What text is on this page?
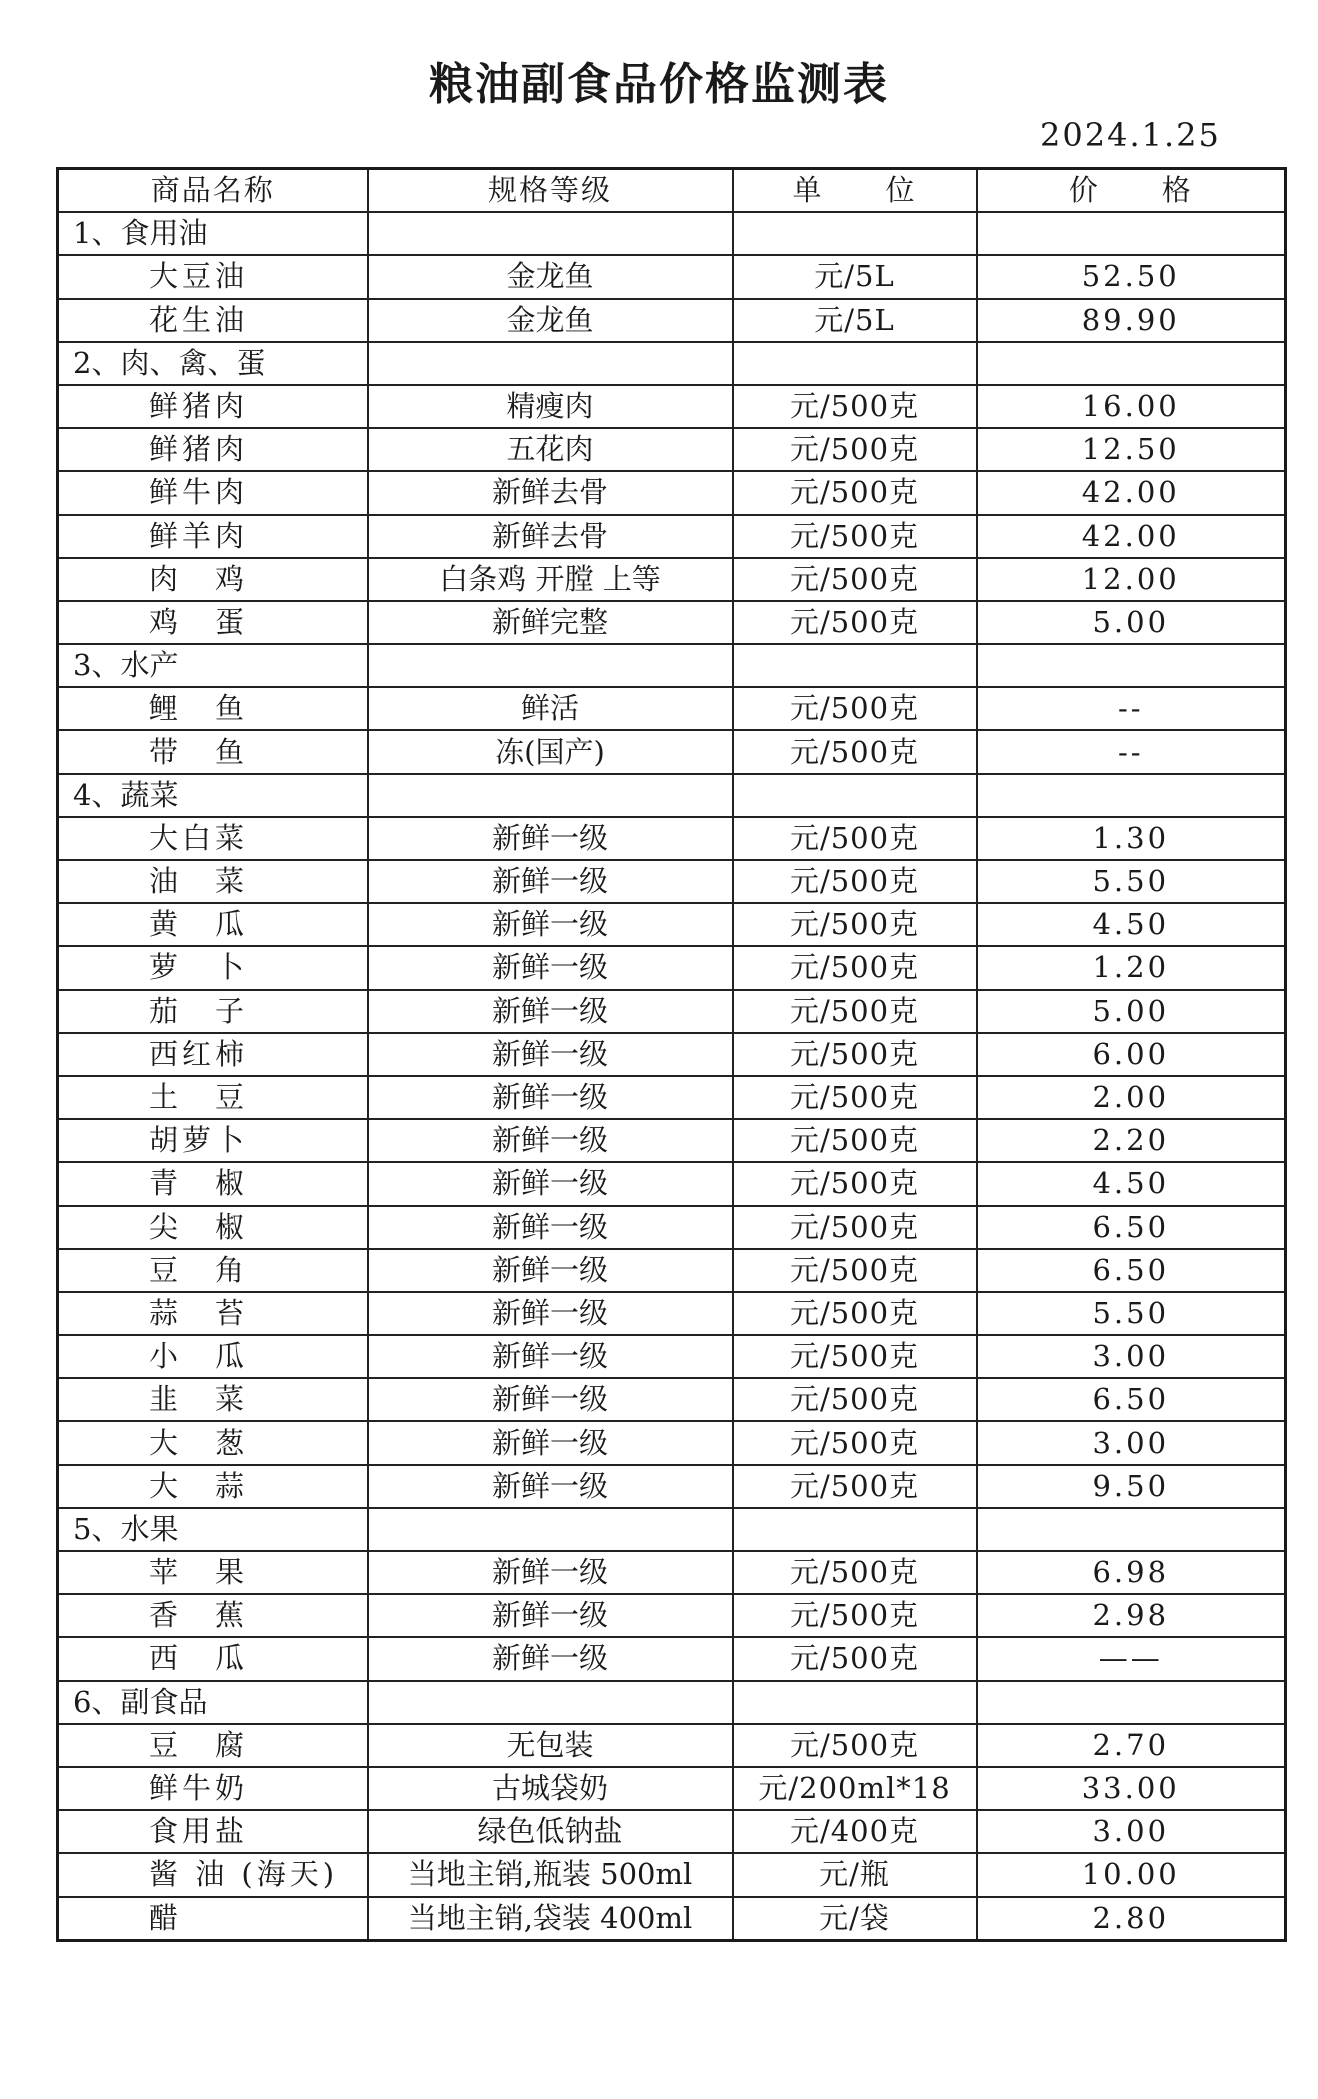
粮油副食品价格监测表
2024.1.25
商品名称	规格等级	单　　位	价　　格
1、食用油			
大豆油	金龙鱼	元/5L	52.50
花生油	金龙鱼	元/5L	89.90
2、肉、禽、蛋			
鲜猪肉	精瘦肉	元/500克	16.00
鲜猪肉	五花肉	元/500克	12.50
鲜牛肉	新鲜去骨	元/500克	42.00
鲜羊肉	新鲜去骨	元/500克	42.00
肉　鸡	白条鸡 开膛 上等	元/500克	12.00
鸡　蛋	新鲜完整	元/500克	5.00
3、水产			
鲤　鱼	鲜活	元/500克	--
带　鱼	冻(国产)	元/500克	--
4、蔬菜			
大白菜	新鲜一级	元/500克	1.30
油　菜	新鲜一级	元/500克	5.50
黄　瓜	新鲜一级	元/500克	4.50
萝　卜	新鲜一级	元/500克	1.20
茄　子	新鲜一级	元/500克	5.00
西红柿	新鲜一级	元/500克	6.00
土　豆	新鲜一级	元/500克	2.00
胡萝卜	新鲜一级	元/500克	2.20
青　椒	新鲜一级	元/500克	4.50
尖　椒	新鲜一级	元/500克	6.50
豆　角	新鲜一级	元/500克	6.50
蒜　苔	新鲜一级	元/500克	5.50
小　瓜	新鲜一级	元/500克	3.00
韭　菜	新鲜一级	元/500克	6.50
大　葱	新鲜一级	元/500克	3.00
大　蒜	新鲜一级	元/500克	9.50
5、水果			
苹　果	新鲜一级	元/500克	6.98
香　蕉	新鲜一级	元/500克	2.98
西　瓜	新鲜一级	元/500克	——
6、副食品			
豆　腐	无包装	元/500克	2.70
鲜牛奶	古城袋奶	元/200ml*18	33.00
食用盐	绿色低钠盐	元/400克	3.00
酱 油 (海天)	当地主销,瓶装 500ml	元/瓶	10.00
醋	当地主销,袋装 400ml	元/袋	2.80
